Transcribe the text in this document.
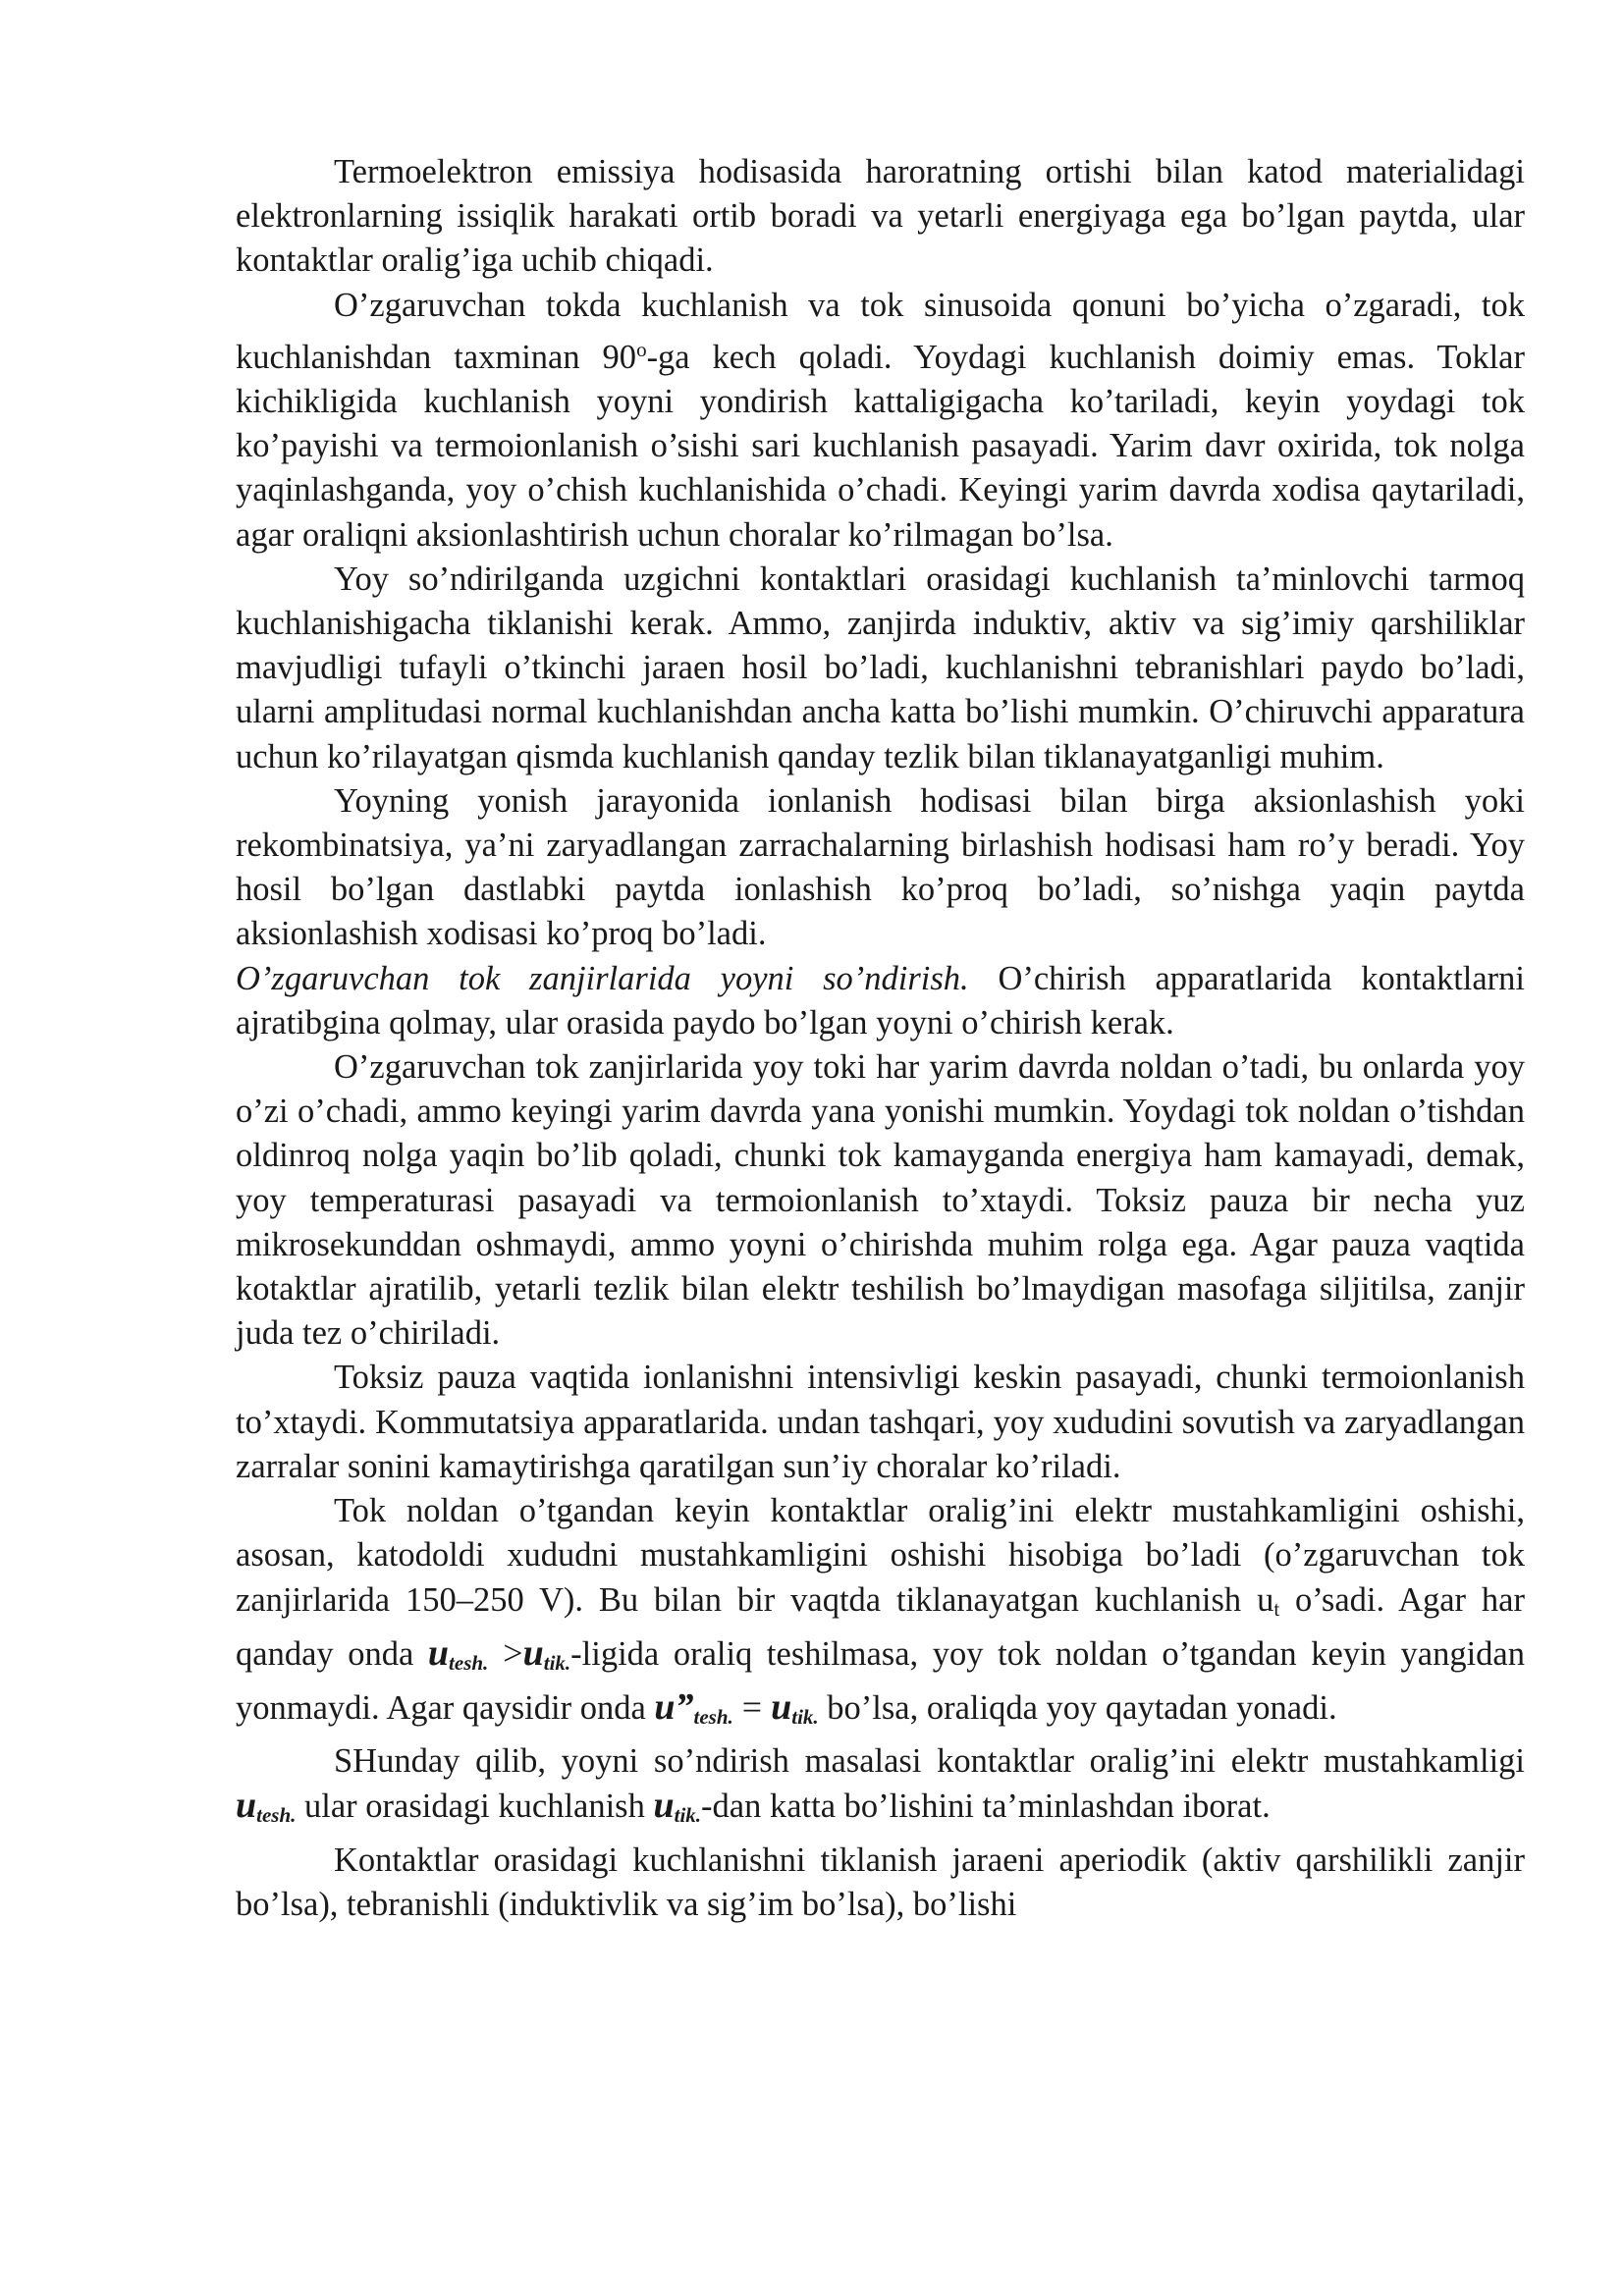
Termoelektron emissiya hodisasida haroratning ortishi bilan katod materialidagi elektronlarning issiqlik harakati ortib boradi va yetarli energiyaga ega bo’lgan paytda, ular kontaktlar oralig’iga uchib chiqadi.

O’zgaruvchan tokda kuchlanish va tok sinusoida qonuni bo’yicha o’zgaradi, tok kuchlanishdan taxminan 90$^o$-ga kech qoladi. Yoydagi kuchlanish doimiy emas. Toklar kichikligida kuchlanish yoyni yondirish kattaligigacha ko’tariladi, keyin yoydagi tok ko’payishi va termoionlanish o’sishi sari kuchlanish pasayadi. Yarim davr oxirida, tok nolga yaqinlashganda, yoy o’chish kuchlanishida o’chadi. Keyingi yarim davrda xodisa qaytariladi, agar oraliqni aksionlashtirish uchun choralar ko’rilmagan bo’lsa.

Yoy so’ndirilganda uzgichni kontaktlari orasidagi kuchlanish ta’minlovchi tarmoq kuchlanishigacha tiklanishi kerak. Ammo, zanjirda induktiv, aktiv va sig’imiy qarshiliklar mavjudligi tufayli o’tkinchi jaraen hosil bo’ladi, kuchlanishni tebranishlari paydo bo’ladi, ularni amplitudasi normal kuchlanishdan ancha katta bo’lishi mumkin. O’chiruvchi apparatura uchun ko’rilayatgan qismda kuchlanish qanday tezlik bilan tiklanayatganligi muhim.

Yoyning yonish jarayonida ionlanish hodisasi bilan birga aksionlashish yoki rekombinatsiya, ya’ni zaryadlangan zarrachalarning birlashish hodisasi ham ro’y beradi. Yoy hosil bo’lgan dastlabki paytda ionlashish ko’proq bo’ladi, so’nishga yaqin paytda aksionlashish xodisasi ko’proq bo’ladi.

O’zgaruvchan tok zanjirlarida yoyni so’ndirish. O’chirish apparatlarida kontaktlarni ajratibgina qolmay, ular orasida paydo bo’lgan yoyni o’chirish kerak.

O’zgaruvchan tok zanjirlarida yoy toki har yarim davrda noldan o’tadi, bu onlarda yoy o’zi o’chadi, ammo keyingi yarim davrda yana yonishi mumkin. Yoydagi tok noldan o’tishdan oldinroq nolga yaqin bo’lib qoladi, chunki tok kamayganda energiya ham kamayadi, demak, yoy temperaturasi pasayadi va termoionlanish to’xtaydi. Toksiz pauza bir necha yuz mikrosekunddan oshmaydi, ammo yoyni o’chirishda muhim rolga ega. Agar pauza vaqtida kotaktlar ajratilib, yetarli tezlik bilan elektr teshilish bo’lmaydigan masofaga siljitilsa, zanjir juda tez o’chiriladi.

Toksiz pauza vaqtida ionlanishni intensivligi keskin pasayadi, chunki termoionlanish to’xtaydi. Kommutatsiya apparatlarida. undan tashqari, yoy xududini sovutish va zaryadlangan zarralar sonini kamaytirishga qaratilgan sun’iy choralar ko’riladi.

Tok noldan o’tgandan keyin kontaktlar oralig’ini elektr mustahkamligini oshishi, asosan, katodoldi xududni mustahkamligini oshishi hisobiga bo’ladi (o’zgaruvchan tok zanjirlarida 150–250 V). Bu bilan bir vaqtda tiklanayatgan kuchlanish ut o’sadi. Agar har qanday onda $u_{tesh.}$ $>u_{tik.}$-ligida oraliq teshilmasa, yoy tok noldan o’tgandan keyin yangidan yonmaydi. Agar qaysidir onda $u”_{tesh.} = u_{tik.}$ bo’lsa, oraliqda yoy qaytadan yonadi.

SHunday qilib, yoyni so’ndirish masalasi kontaktlar oralig’ini elektr mustahkamligi $u_{tesh.}$ ular orasidagi kuchlanish $u_{tik.}$-dan katta bo’lishini ta’minlashdan iborat.

Kontaktlar orasidagi kuchlanishni tiklanish jaraeni aperiodik (aktiv qarshilikli zanjir bo’lsa), tebranishli (induktivlik va sig’im bo’lsa), bo’lishi
